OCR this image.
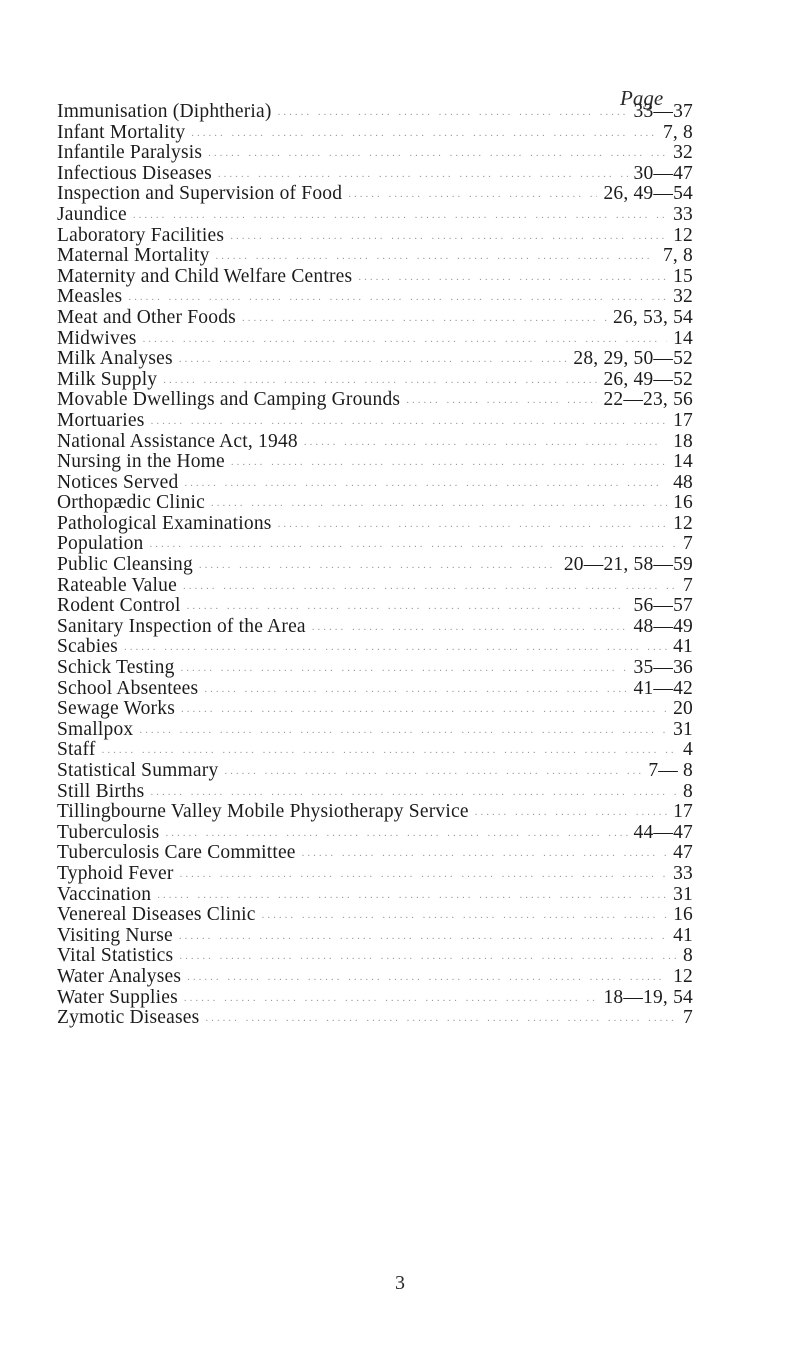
Page
Immunisation (Diphtheria) .....	33—37
Infant Mortality .....	7, 8
Infantile Paralysis .....	32
Infectious Diseases .....	30—47
Inspection and Supervision of Food .....	26, 49—54
Jaundice .....	33
Laboratory Facilities .....	12
Maternal Mortality .....	7, 8
Maternity and Child Welfare Centres .....	15
Measles .....	32
Meat and Other Foods .....	26, 53, 54
Midwives .....	14
Milk Analyses .....	28, 29, 50—52
Milk Supply .....	26, 49—52
Movable Dwellings and Camping Grounds .....	22—23, 56
Mortuaries .....	17
National Assistance Act, 1948 .....	18
Nursing in the Home .....	14
Notices Served .....	48
Orthopædic Clinic .....	16
Pathological Examinations .....	12
Population .....	7
Public Cleansing .....	20—21, 58—59
Rateable Value .....	7
Rodent Control .....	56—57
Sanitary Inspection of the Area .....	48—49
Scabies .....	41
Schick Testing .....	35—36
School Absentees .....	41—42
Sewage Works .....	20
Smallpox .....	31
Staff .....	4
Statistical Summary .....	7— 8
Still Births .....	8
Tillingbourne Valley Mobile Physiotherapy Service .....	17
Tuberculosis .....	44—47
Tuberculosis Care Committee .....	47
Typhoid Fever .....	33
Vaccination .....	31
Venereal Diseases Clinic .....	16
Visiting Nurse .....	41
Vital Statistics .....	8
Water Analyses .....	12
Water Supplies .....	18—19, 54
Zymotic Diseases .....	7
3
